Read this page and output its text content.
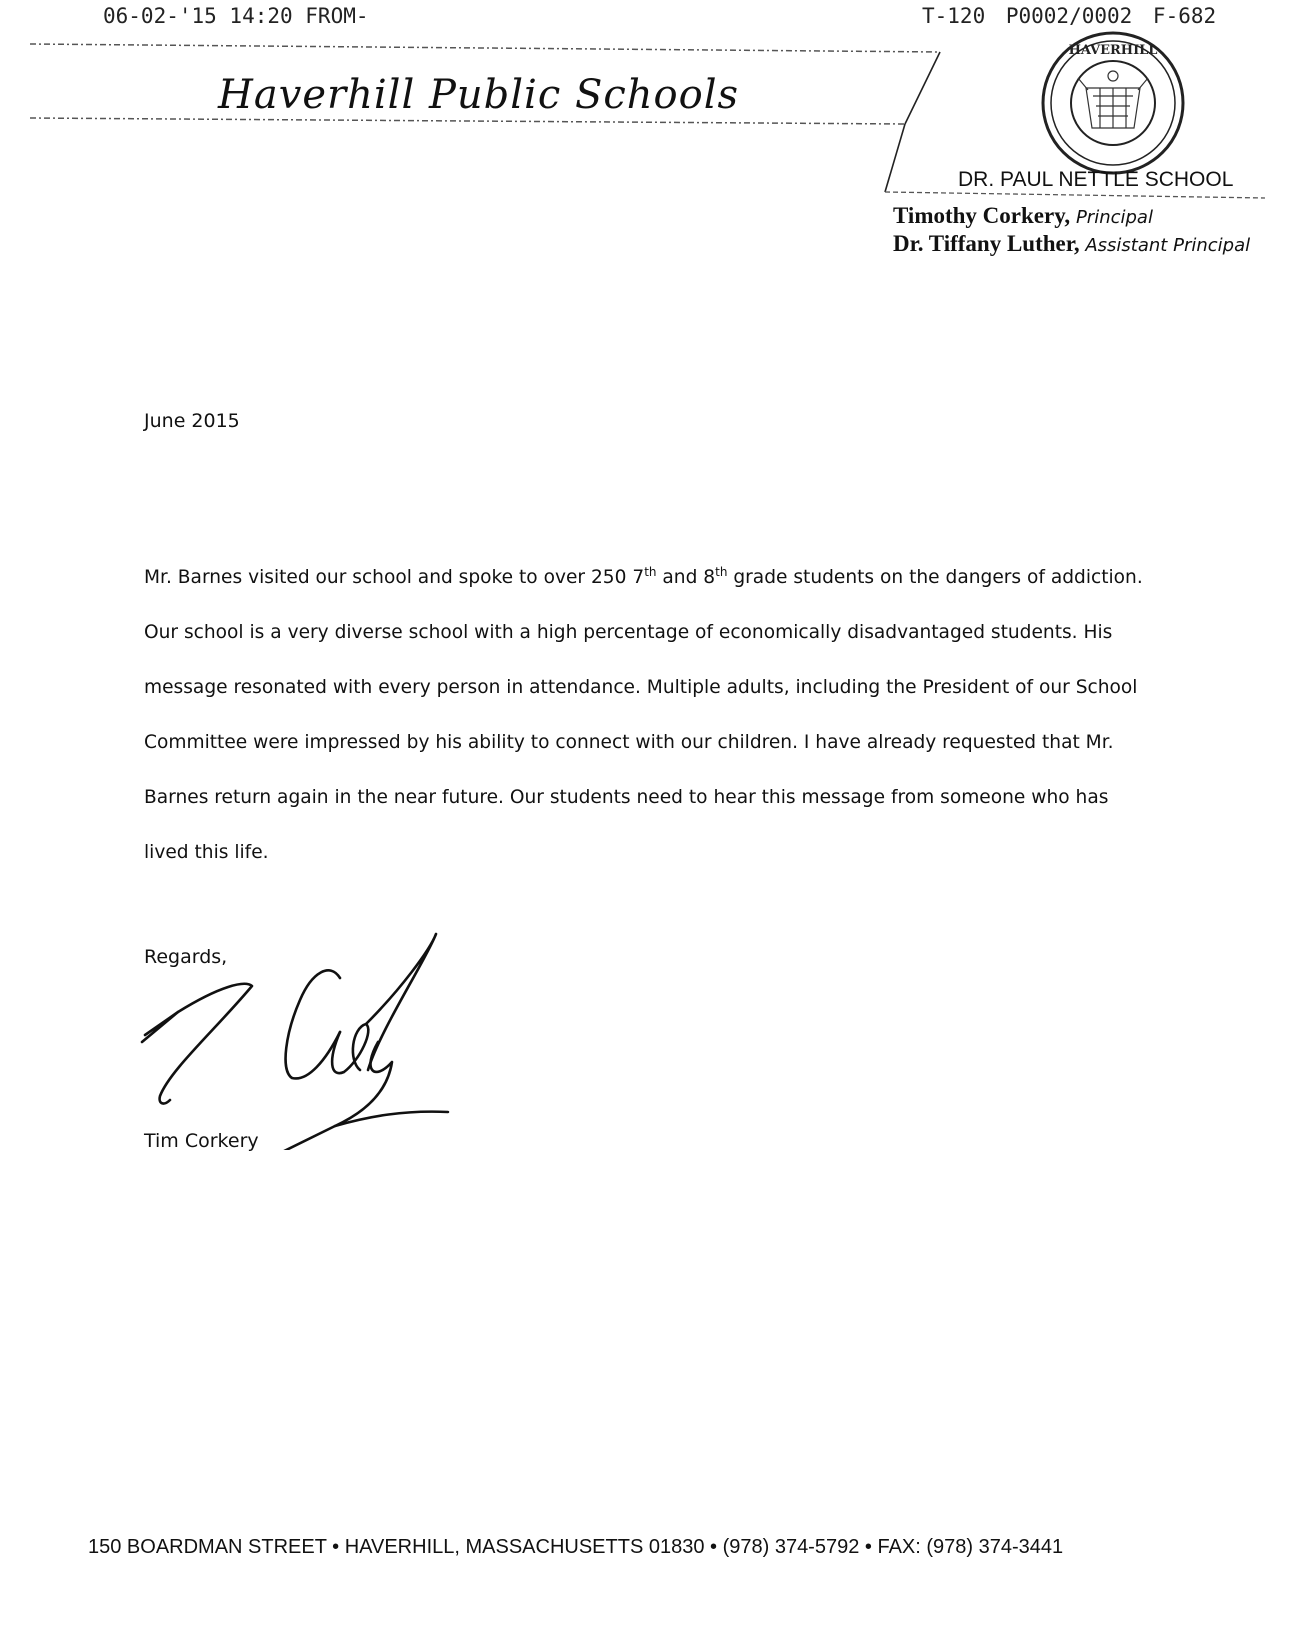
06-02-'15 14:20 FROM-	T-120 P0002/0002 F-682
Haverhill Public Schools
HAVERHILL
DR. PAUL NETTLE SCHOOL
Timothy Corkery, Principal
Dr. Tiffany Luther, Assistant Principal
June 2015

Mr. Barnes visited our school and spoke to over 250 7th and 8th grade students on the dangers of addiction. Our school is a very diverse school with a high percentage of economically disadvantaged students. His message resonated with every person in attendance. Multiple adults, including the President of our School Committee were impressed by his ability to connect with our children. I have already requested that Mr. Barnes return again in the near future. Our students need to hear this message from someone who has lived this life.

Regards,
Tim Corkery
150 BOARDMAN STREET • HAVERHILL, MASSACHUSETTS 01830 • (978) 374-5792 • FAX: (978) 374-3441
